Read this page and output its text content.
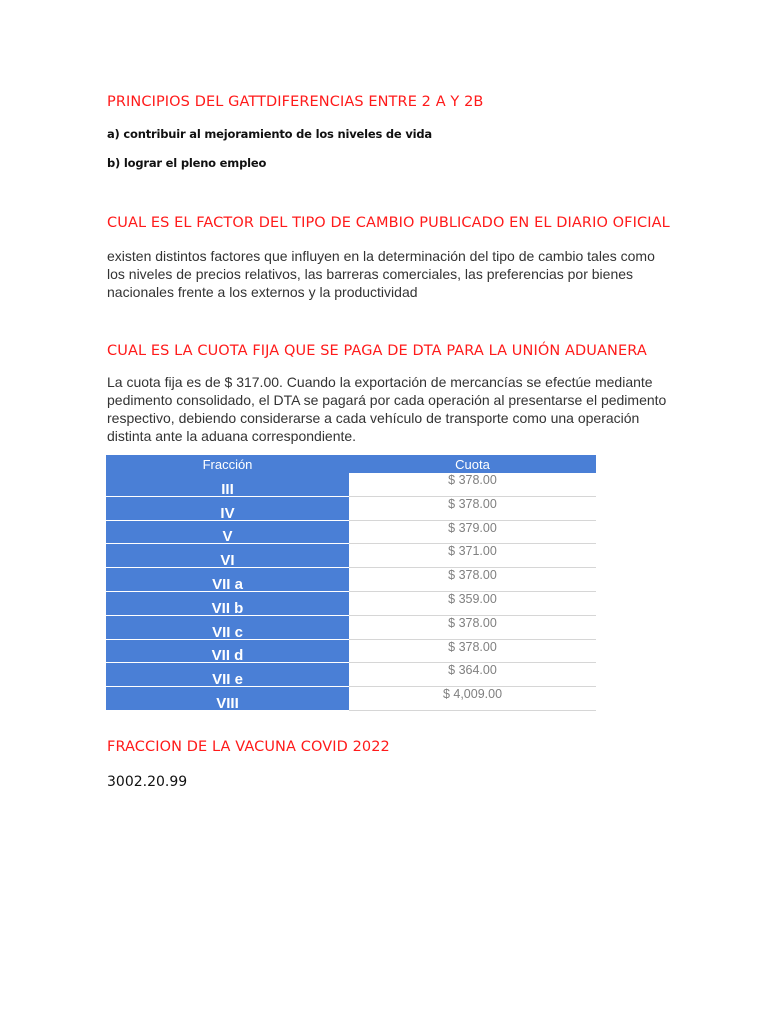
PRINCIPIOS DEL GATTDIFERENCIAS ENTRE 2 A Y 2B
a) contribuir al mejoramiento de los niveles de vida
b) lograr el pleno empleo
CUAL ES EL FACTOR DEL TIPO DE CAMBIO PUBLICADO EN EL DIARIO OFICIAL
existen distintos factores que influyen en la determinación del tipo de cambio tales como
los niveles de precios relativos, las barreras comerciales, las preferencias por bienes
nacionales frente a los externos y la productividad
CUAL ES LA CUOTA FIJA QUE SE PAGA DE DTA PARA LA UNIÓN ADUANERA
La cuota fija es de $ 317.00. Cuando la exportación de mercancías se efectúe mediante
pedimento consolidado, el DTA se pagará por cada operación al presentarse el pedimento
respectivo, debiendo considerarse a cada vehículo de transporte como una operación
distinta ante la aduana correspondiente.
Fracción	Cuota
III	$ 378.00
IV	$ 378.00
V	$ 379.00
VI	$ 371.00
VII a	$ 378.00
VII b	$ 359.00
VII c	$ 378.00
VII d	$ 378.00
VII e	$ 364.00
VIII	$ 4,009.00
FRACCION DE LA VACUNA COVID 2022
3002.20.99
